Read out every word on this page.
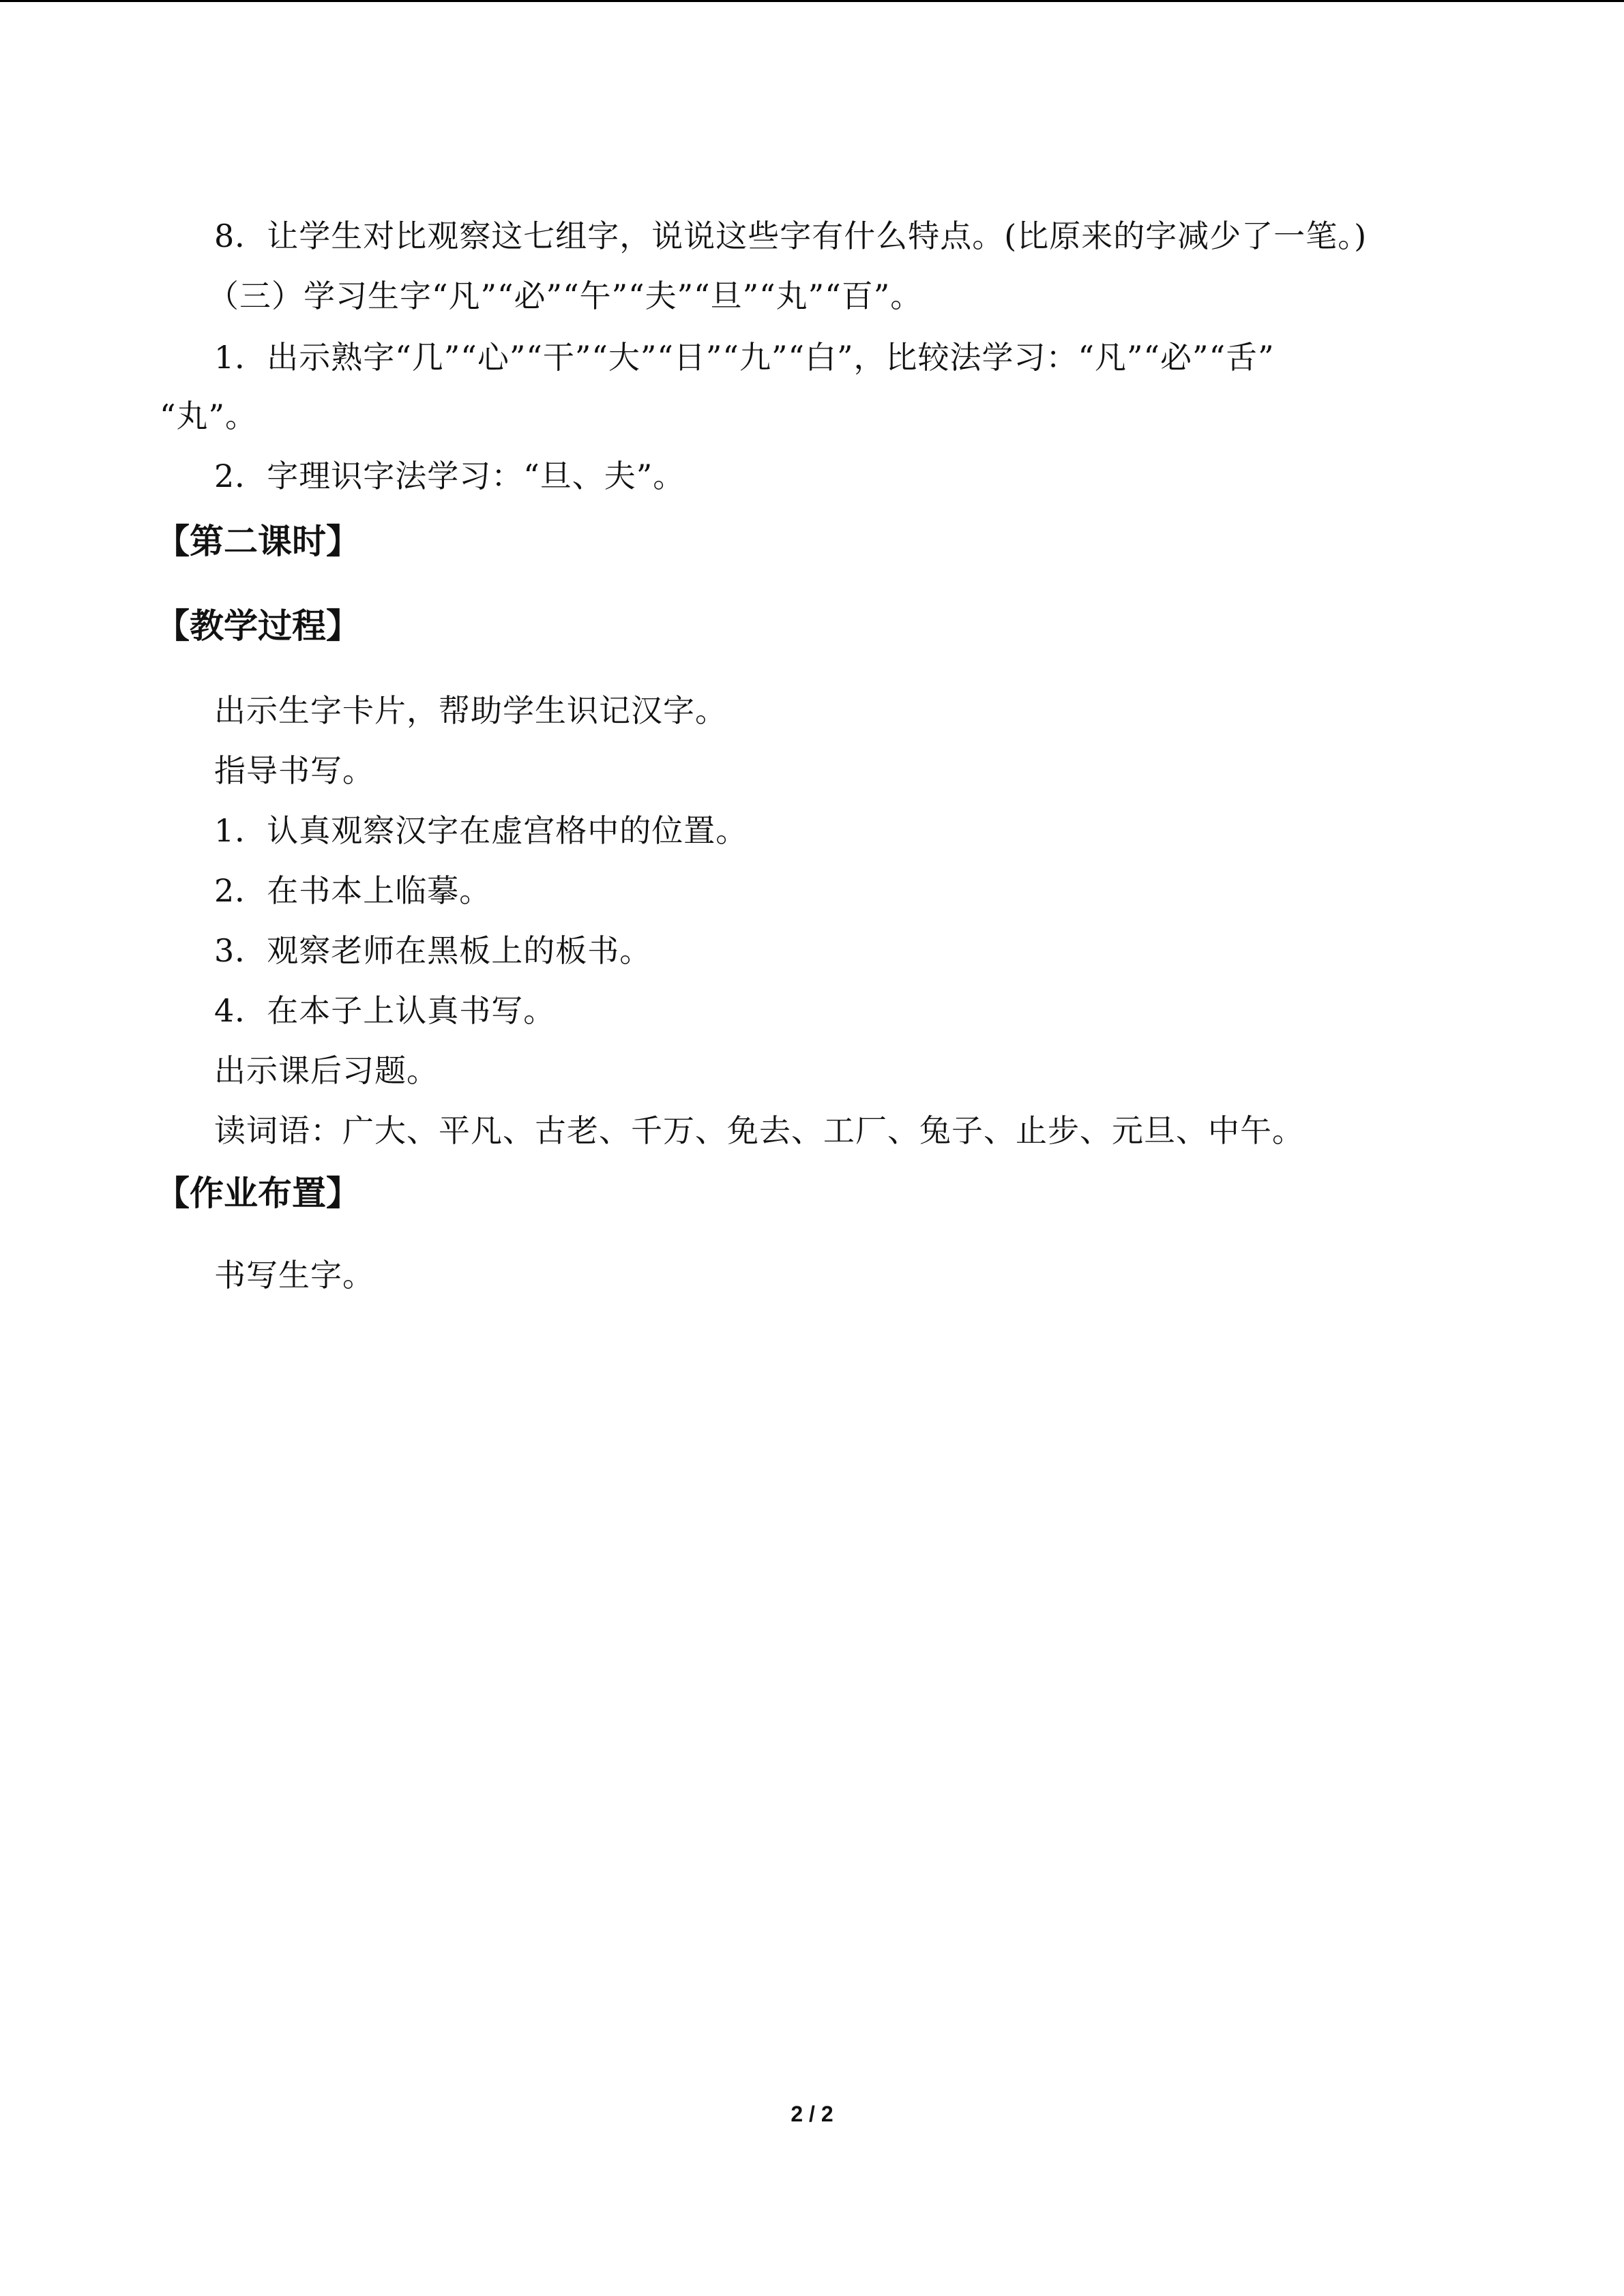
8．让学生对比观察这七组字，说说这些字有什么特点。(比原来的字减少了一笔。)
（三）学习生字“凡”“必”“午”“夫”“旦”“丸”“百”。
1．出示熟字“几”“心”“干”“大”“日”“九”“白”，比较法学习：“凡”“必”“舌”
“丸”。
2．字理识字法学习：“旦、夫”。
【第二课时】
【教学过程】
出示生字卡片，帮助学生识记汉字。
指导书写。
1．认真观察汉字在虚宫格中的位置。
2．在书本上临摹。
3．观察老师在黑板上的板书。
4．在本子上认真书写。
出示课后习题。
读词语：广大、平凡、古老、千万、免去、工厂、兔子、止步、元旦、中午。
【作业布置】
书写生字。
2 / 2
